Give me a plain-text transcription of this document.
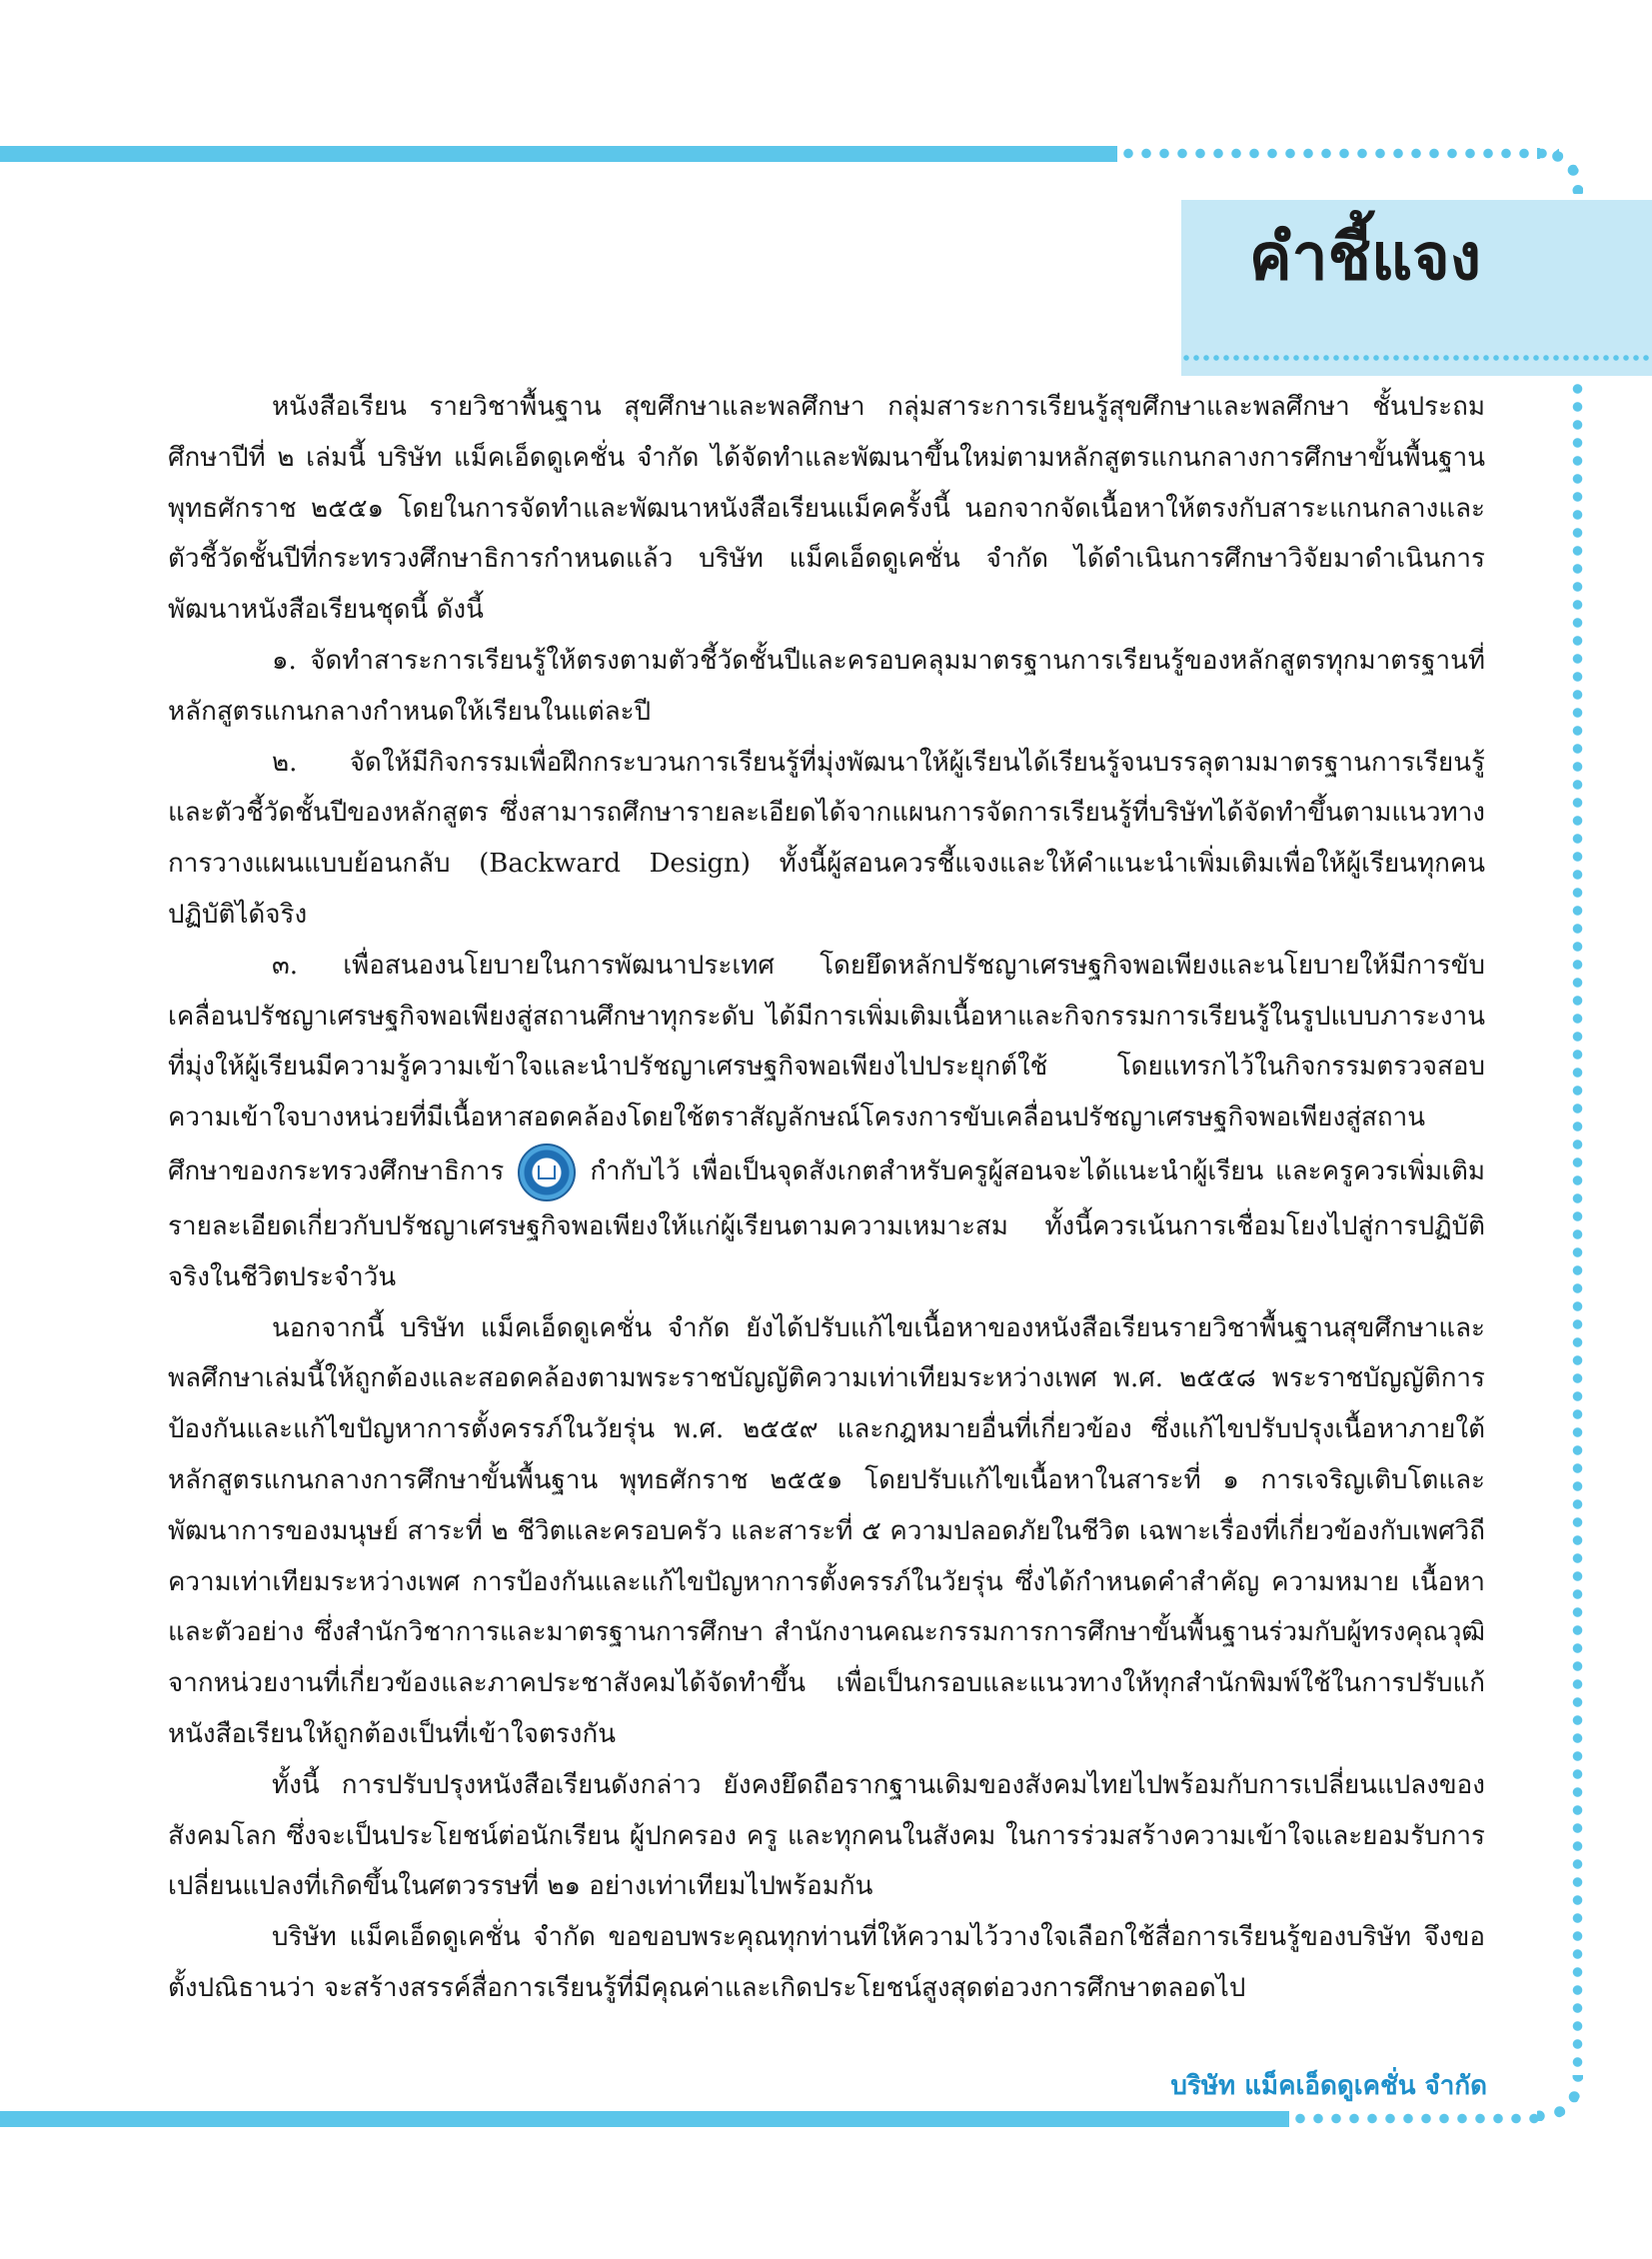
คำชี้แจง

หนังสือเรียน รายวิชาพื้นฐาน สุขศึกษาและพลศึกษา กลุ่มสาระการเรียนรู้สุขศึกษาและพลศึกษา ชั้นประถมศึกษาปีที่ ๒ เล่มนี้ บริษัท แม็คเอ็ดดูเคชั่น จำกัด ได้จัดทำและพัฒนาขึ้นใหม่ตามหลักสูตรแกนกลางการศึกษาขั้นพื้นฐาน พุทธศักราช ๒๕๕๑ โดยในการจัดทำและพัฒนาหนังสือเรียนแม็คครั้งนี้ นอกจากจัดเนื้อหาให้ตรงกับสาระแกนกลางและตัวชี้วัดชั้นปีที่กระทรวงศึกษาธิการกำหนดแล้ว บริษัท แม็คเอ็ดดูเคชั่น จำกัด ได้ดำเนินการศึกษาวิจัยมาดำเนินการพัฒนาหนังสือเรียนชุดนี้ ดังนี้

๑. จัดทำสาระการเรียนรู้ให้ตรงตามตัวชี้วัดชั้นปีและครอบคลุมมาตรฐานการเรียนรู้ของหลักสูตรทุกมาตรฐานที่หลักสูตรแกนกลางกำหนดให้เรียนในแต่ละปี

๒. จัดให้มีกิจกรรมเพื่อฝึกกระบวนการเรียนรู้ที่มุ่งพัฒนาให้ผู้เรียนได้เรียนรู้จนบรรลุตามมาตรฐานการเรียนรู้และตัวชี้วัดชั้นปีของหลักสูตร ซึ่งสามารถศึกษารายละเอียดได้จากแผนการจัดการเรียนรู้ที่บริษัทได้จัดทำขึ้นตามแนวทางการวางแผนแบบย้อนกลับ (Backward Design) ทั้งนี้ผู้สอนควรชี้แจงและให้คำแนะนำเพิ่มเติมเพื่อให้ผู้เรียนทุกคนปฏิบัติได้จริง

๓. เพื่อสนองนโยบายในการพัฒนาประเทศ โดยยึดหลักปรัชญาเศรษฐกิจพอเพียงและนโยบายให้มีการขับเคลื่อนปรัชญาเศรษฐกิจพอเพียงสู่สถานศึกษาทุกระดับ ได้มีการเพิ่มเติมเนื้อหาและกิจกรรมการเรียนรู้ในรูปแบบภาระงานที่มุ่งให้ผู้เรียนมีความรู้ความเข้าใจและนำปรัชญาเศรษฐกิจพอเพียงไปประยุกต์ใช้ โดยแทรกไว้ในกิจกรรมตรวจสอบความเข้าใจบางหน่วยที่มีเนื้อหาสอดคล้องโดยใช้ตราสัญลักษณ์โครงการขับเคลื่อนปรัชญาเศรษฐกิจพอเพียงสู่สถานศึกษาของกระทรวงศึกษาธิการ	กำกับไว้ เพื่อเป็นจุดสังเกตสำหรับครูผู้สอนจะได้แนะนำผู้เรียน และครูควรเพิ่มเติมรายละเอียดเกี่ยวกับปรัชญาเศรษฐกิจพอเพียงให้แก่ผู้เรียนตามความเหมาะสม ทั้งนี้ควรเน้นการเชื่อมโยงไปสู่การปฏิบัติจริงในชีวิตประจำวัน

นอกจากนี้ บริษัท แม็คเอ็ดดูเคชั่น จำกัด ยังได้ปรับแก้ไขเนื้อหาของหนังสือเรียนรายวิชาพื้นฐานสุขศึกษาและพลศึกษาเล่มนี้ให้ถูกต้องและสอดคล้องตามพระราชบัญญัติความเท่าเทียมระหว่างเพศ พ.ศ. ๒๕๕๘ พระราชบัญญัติการป้องกันและแก้ไขปัญหาการตั้งครรภ์ในวัยรุ่น พ.ศ. ๒๕๕๙ และกฎหมายอื่นที่เกี่ยวข้อง ซึ่งแก้ไขปรับปรุงเนื้อหาภายใต้หลักสูตรแกนกลางการศึกษาขั้นพื้นฐาน พุทธศักราช ๒๕๕๑ โดยปรับแก้ไขเนื้อหาในสาระที่ ๑ การเจริญเติบโตและพัฒนาการของมนุษย์ สาระที่ ๒ ชีวิตและครอบครัว และสาระที่ ๕ ความปลอดภัยในชีวิต เฉพาะเรื่องที่เกี่ยวข้องกับเพศวิถี ความเท่าเทียมระหว่างเพศ การป้องกันและแก้ไขปัญหาการตั้งครรภ์ในวัยรุ่น ซึ่งได้กำหนดคำสำคัญ ความหมาย เนื้อหา และตัวอย่าง ซึ่งสำนักวิชาการและมาตรฐานการศึกษา สำนักงานคณะกรรมการการศึกษาขั้นพื้นฐานร่วมกับผู้ทรงคุณวุฒิจากหน่วยงานที่เกี่ยวข้องและภาคประชาสังคมได้จัดทำขึ้น เพื่อเป็นกรอบและแนวทางให้ทุกสำนักพิมพ์ใช้ในการปรับแก้หนังสือเรียนให้ถูกต้องเป็นที่เข้าใจตรงกัน

ทั้งนี้ การปรับปรุงหนังสือเรียนดังกล่าว ยังคงยึดถือรากฐานเดิมของสังคมไทยไปพร้อมกับการเปลี่ยนแปลงของสังคมโลก ซึ่งจะเป็นประโยชน์ต่อนักเรียน ผู้ปกครอง ครู และทุกคนในสังคม ในการร่วมสร้างความเข้าใจและยอมรับการเปลี่ยนแปลงที่เกิดขึ้นในศตวรรษที่ ๒๑ อย่างเท่าเทียมไปพร้อมกัน

บริษัท แม็คเอ็ดดูเคชั่น จำกัด ขอขอบพระคุณทุกท่านที่ให้ความไว้วางใจเลือกใช้สื่อการเรียนรู้ของบริษัท จึงขอตั้งปณิธานว่า จะสร้างสรรค์สื่อการเรียนรู้ที่มีคุณค่าและเกิดประโยชน์สูงสุดต่อวงการศึกษาตลอดไป

บริษัท แม็คเอ็ดดูเคชั่น จำกัด
